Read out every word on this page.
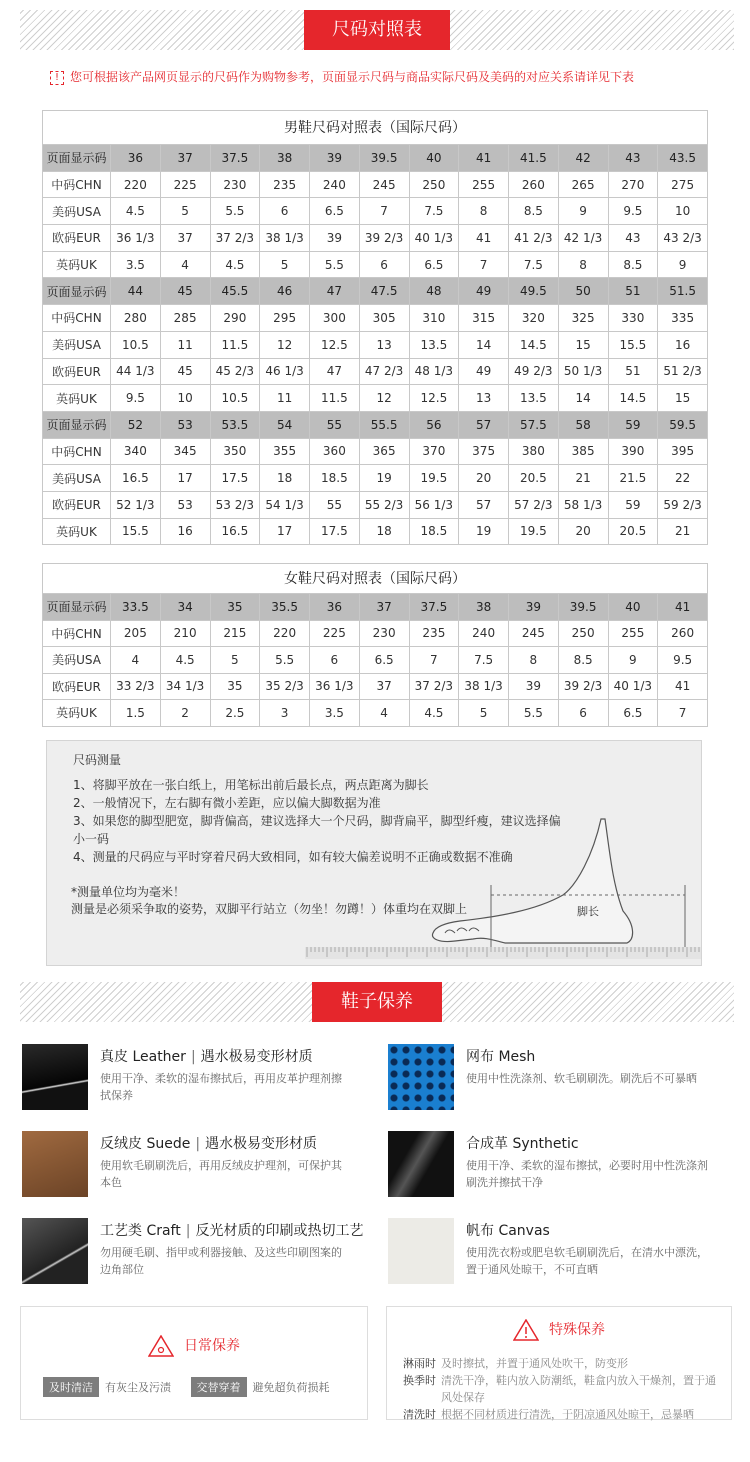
尺码对照表
! 您可根据该产品网页显示的尺码作为购物参考，页面显示尺码与商品实际尺码及美码的对应关系请详见下表
男鞋尺码对照表（国际尺码）
页面显示码	36	37	37.5	38	39	39.5	40	41	41.5	42	43	43.5
中码CHN	220	225	230	235	240	245	250	255	260	265	270	275
美码USA	4.5	5	5.5	6	6.5	7	7.5	8	8.5	9	9.5	10
欧码EUR	36 1/3	37	37 2/3	38 1/3	39	39 2/3	40 1/3	41	41 2/3	42 1/3	43	43 2/3
英码UK	3.5	4	4.5	5	5.5	6	6.5	7	7.5	8	8.5	9
页面显示码	44	45	45.5	46	47	47.5	48	49	49.5	50	51	51.5
中码CHN	280	285	290	295	300	305	310	315	320	325	330	335
美码USA	10.5	11	11.5	12	12.5	13	13.5	14	14.5	15	15.5	16
欧码EUR	44 1/3	45	45 2/3	46 1/3	47	47 2/3	48 1/3	49	49 2/3	50 1/3	51	51 2/3
英码UK	9.5	10	10.5	11	11.5	12	12.5	13	13.5	14	14.5	15
页面显示码	52	53	53.5	54	55	55.5	56	57	57.5	58	59	59.5
中码CHN	340	345	350	355	360	365	370	375	380	385	390	395
美码USA	16.5	17	17.5	18	18.5	19	19.5	20	20.5	21	21.5	22
欧码EUR	52 1/3	53	53 2/3	54 1/3	55	55 2/3	56 1/3	57	57 2/3	58 1/3	59	59 2/3
英码UK	15.5	16	16.5	17	17.5	18	18.5	19	19.5	20	20.5	21
女鞋尺码对照表（国际尺码）
页面显示码	33.5	34	35	35.5	36	37	37.5	38	39	39.5	40	41
中码CHN	205	210	215	220	225	230	235	240	245	250	255	260
美码USA	4	4.5	5	5.5	6	6.5	7	7.5	8	8.5	9	9.5
欧码EUR	33 2/3	34 1/3	35	35 2/3	36 1/3	37	37 2/3	38 1/3	39	39 2/3	40 1/3	41
英码UK	1.5	2	2.5	3	3.5	4	4.5	5	5.5	6	6.5	7
尺码测量
1、将脚平放在一张白纸上，用笔标出前后最长点，两点距离为脚长
2、一般情况下，左右脚有微小差距，应以偏大脚数据为准
3、如果您的脚型肥宽，脚背偏高，建议选择大一个尺码，脚背扁平，脚型纤瘦，建议选择偏小一码
4、测量的尺码应与平时穿着尺码大致相同，如有较大偏差说明不正确或数据不准确
*测量单位均为毫米！
测量是必须采争取的姿势，双脚平行站立（勿坐！勿蹲！）体重均在双脚上	脚长
鞋子保养
真皮 Leather | 遇水极易变形材质
使用干净、柔软的湿布擦拭后，再用皮革护理剂擦拭保养
网布 Mesh
使用中性洗涤剂、软毛刷刷洗。刷洗后不可暴晒
反绒皮 Suede | 遇水极易变形材质
使用软毛刷刷洗后，再用反绒皮护理剂，可保护其本色
合成革 Synthetic
使用干净、柔软的湿布擦拭，必要时用中性洗涤剂刷洗并擦拭干净
工艺类 Craft | 反光材质的印刷或热切工艺
勿用硬毛刷、指甲或利器接触、及这些印刷图案的边角部位
帆布 Canvas
使用洗衣粉或肥皂软毛刷刷洗后，在清水中漂洗，置于通风处晾干，不可直晒
日常保养
及时清洁 有灰尘及污渍 交替穿着 避免超负荷损耗
特殊保养
淋雨时 及时擦拭，并置于通风处吹干，防变形
换季时 清洗干净，鞋内放入防潮纸，鞋盒内放入干燥剂，置于通风处保存
清洗时 根据不同材质进行清洗，于阴凉通风处晾干，忌暴晒
